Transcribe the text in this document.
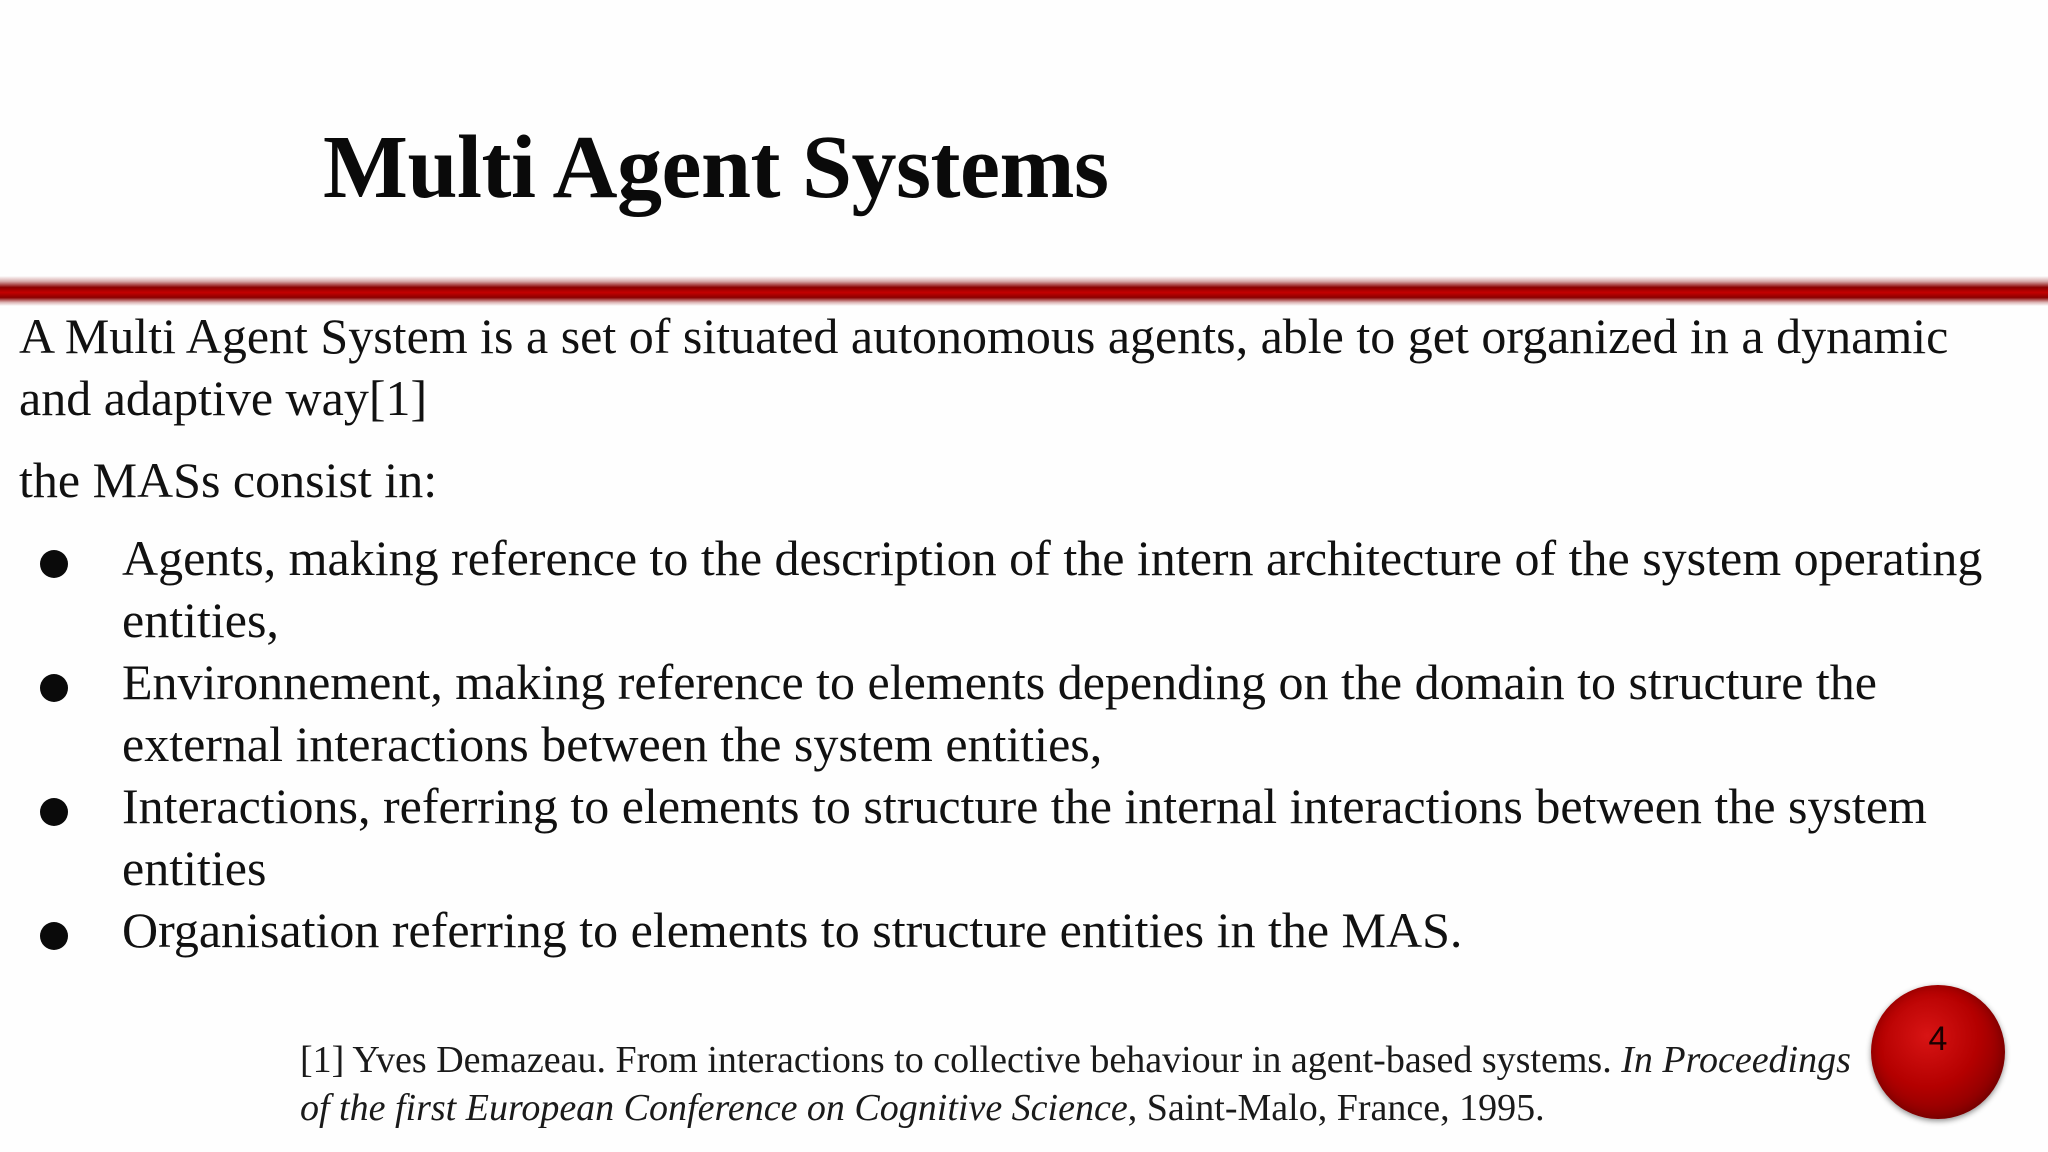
Multi Agent Systems

A Multi Agent System is a set of situated autonomous agents, able to get organized in a dynamic and adaptive way[1]

the MASs consist in:

Agents, making reference to the description of the intern architecture of the system operating entities,
Environnement, making reference to elements depending on the domain to structure the external interactions between the system entities,
Interactions, referring to elements to structure the internal interactions between the system entities
Organisation referring to elements to structure entities in the MAS.

[1] Yves Demazeau. From interactions to collective behaviour in agent-based systems. In Proceedings of the first European Conference on Cognitive Science, Saint-Malo, France, 1995.

4
